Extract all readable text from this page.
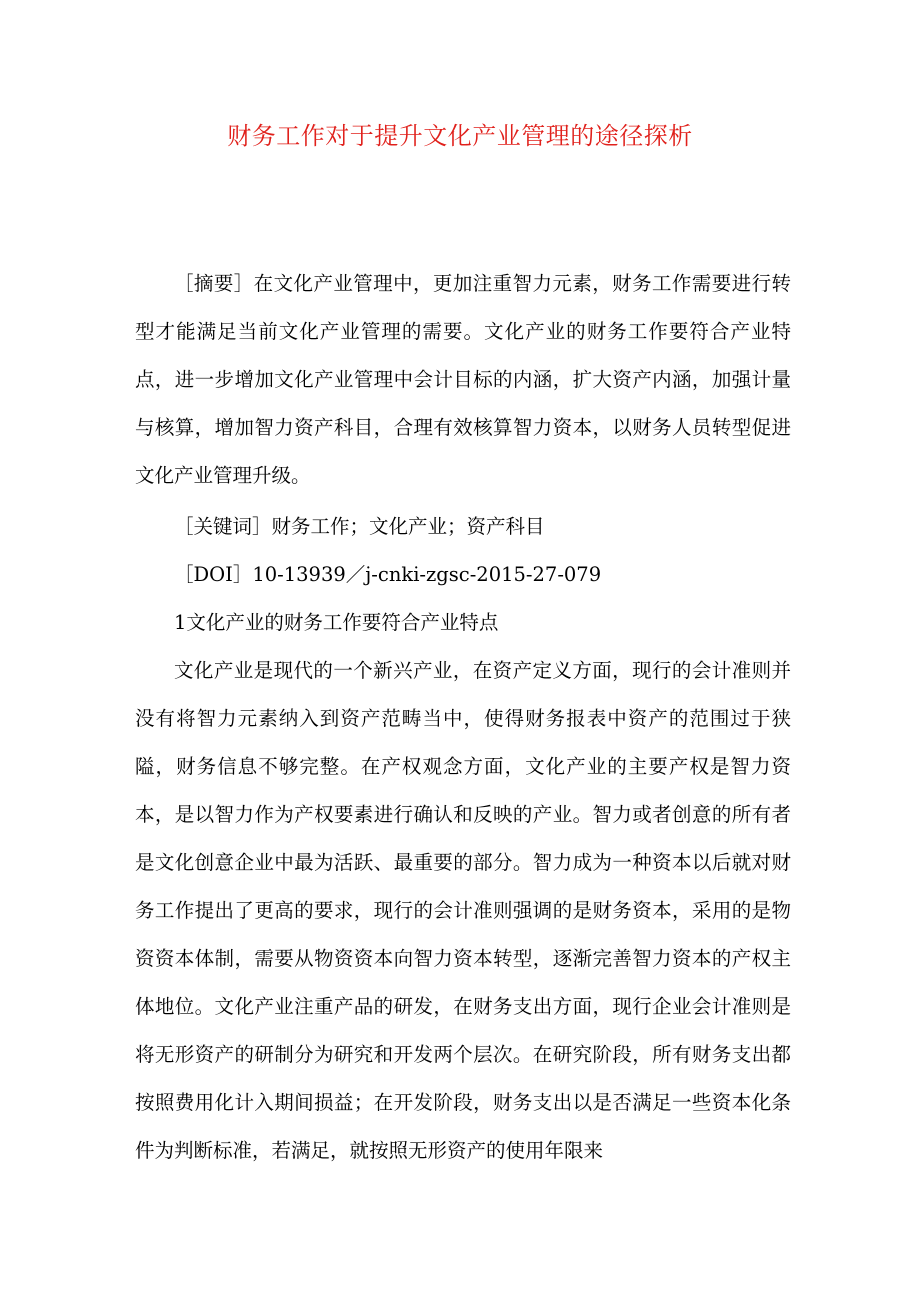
财务工作对于提升文化产业管理的途径探析

［摘要］在文化产业管理中，更加注重智力元素，财务工作需要进行转型才能满足当前文化产业管理的需要。文化产业的财务工作要符合产业特点，进一步增加文化产业管理中会计目标的内涵，扩大资产内涵，加强计量与核算，增加智力资产科目，合理有效核算智力资本，以财务人员转型促进文化产业管理升级。

［关键词］财务工作；文化产业；资产科目

［DOI］10-13939／j-cnki-zgsc-2015-27-079

1文化产业的财务工作要符合产业特点

文化产业是现代的一个新兴产业，在资产定义方面，现行的会计准则并没有将智力元素纳入到资产范畴当中，使得财务报表中资产的范围过于狭隘，财务信息不够完整。在产权观念方面，文化产业的主要产权是智力资本，是以智力作为产权要素进行确认和反映的产业。智力或者创意的所有者是文化创意企业中最为活跃、最重要的部分。智力成为一种资本以后就对财务工作提出了更高的要求，现行的会计准则强调的是财务资本，采用的是物资资本体制，需要从物资资本向智力资本转型，逐渐完善智力资本的产权主体地位。文化产业注重产品的研发，在财务支出方面，现行企业会计准则是将无形资产的研制分为研究和开发两个层次。在研究阶段，所有财务支出都按照费用化计入期间损益；在开发阶段，财务支出以是否满足一些资本化条件为判断标准，若满足，就按照无形资产的使用年限来
